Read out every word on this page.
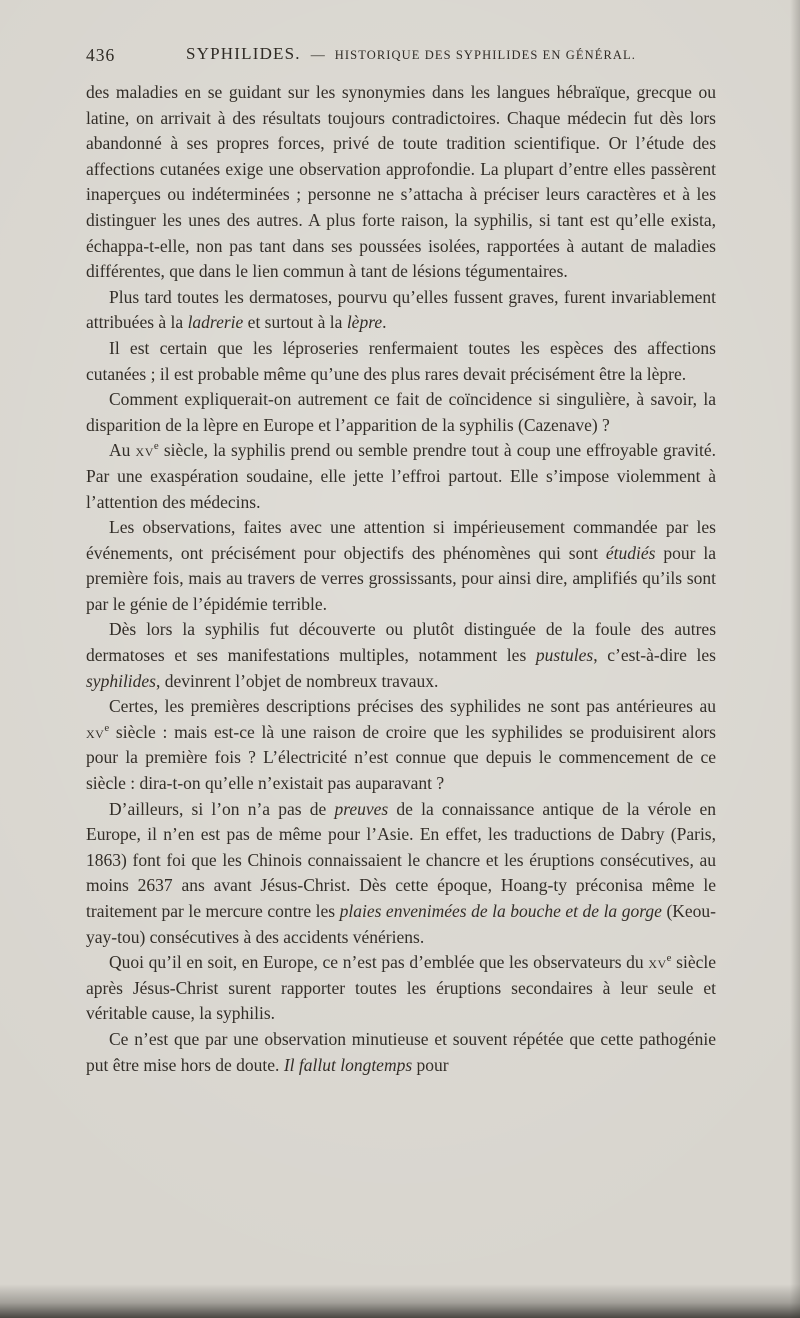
436	SYPHILIDES. — HISTORIQUE DES SYPHILIDES EN GÉNÉRAL.

des maladies en se guidant sur les synonymies dans les langues hébraïque, grecque ou latine, on arrivait à des résultats toujours contradictoires. Chaque médecin fut dès lors abandonné à ses propres forces, privé de toute tradition scientifique. Or l’étude des affections cutanées exige une observation approfondie. La plupart d’entre elles passèrent inaperçues ou indéterminées ; personne ne s’attacha à préciser leurs caractères et à les distinguer les unes des autres. A plus forte raison, la syphilis, si tant est qu’elle exista, échappa-t-elle, non pas tant dans ses poussées isolées, rapportées à autant de maladies différentes, que dans le lien commun à tant de lésions tégumentaires.

Plus tard toutes les dermatoses, pourvu qu’elles fussent graves, furent invariablement attribuées à la ladrerie et surtout à la lèpre.

Il est certain que les léproseries renfermaient toutes les espèces des affections cutanées ; il est probable même qu’une des plus rares devait précisément être la lèpre.

Comment expliquerait-on autrement ce fait de coïncidence si singulière, à savoir, la disparition de la lèpre en Europe et l’apparition de la syphilis (Cazenave) ?

Au $xv^e$ siècle, la syphilis prend ou semble prendre tout à coup une effroyable gravité. Par une exaspération soudaine, elle jette l’effroi partout. Elle s’impose violemment à l’attention des médecins.

Les observations, faites avec une attention si impérieusement commandée par les événements, ont précisément pour objectifs des phénomènes qui sont étudiés pour la première fois, mais au travers de verres grossissants, pour ainsi dire, amplifiés qu’ils sont par le génie de l’épidémie terrible.

Dès lors la syphilis fut découverte ou plutôt distinguée de la foule des autres dermatoses et ses manifestations multiples, notamment les pustules, c’est-à-dire les syphilides, devinrent l’objet de nombreux travaux.

Certes, les premières descriptions précises des syphilides ne sont pas antérieures au $xv^e$ siècle : mais est-ce là une raison de croire que les syphilides se produisirent alors pour la première fois ? L’électricité n’est connue que depuis le commencement de ce siècle : dira-t-on qu’elle n’existait pas auparavant ?

D’ailleurs, si l’on n’a pas de preuves de la connaissance antique de la vérole en Europe, il n’en est pas de même pour l’Asie. En effet, les traductions de Dabry (Paris, 1863) font foi que les Chinois connaissaient le chancre et les éruptions consécutives, au moins 2637 ans avant Jésus-Christ. Dès cette époque, Hoang-ty préconisa même le traitement par le mercure contre les plaies envenimées de la bouche et de la gorge (Keou-yay-tou) consécutives à des accidents vénériens.

Quoi qu’il en soit, en Europe, ce n’est pas d’emblée que les observateurs du $xv^e$ siècle après Jésus-Christ surent rapporter toutes les éruptions secondaires à leur seule et véritable cause, la syphilis.

Ce n’est que par une observation minutieuse et souvent répétée que cette pathogénie put être mise hors de doute. Il fallut longtemps pour
